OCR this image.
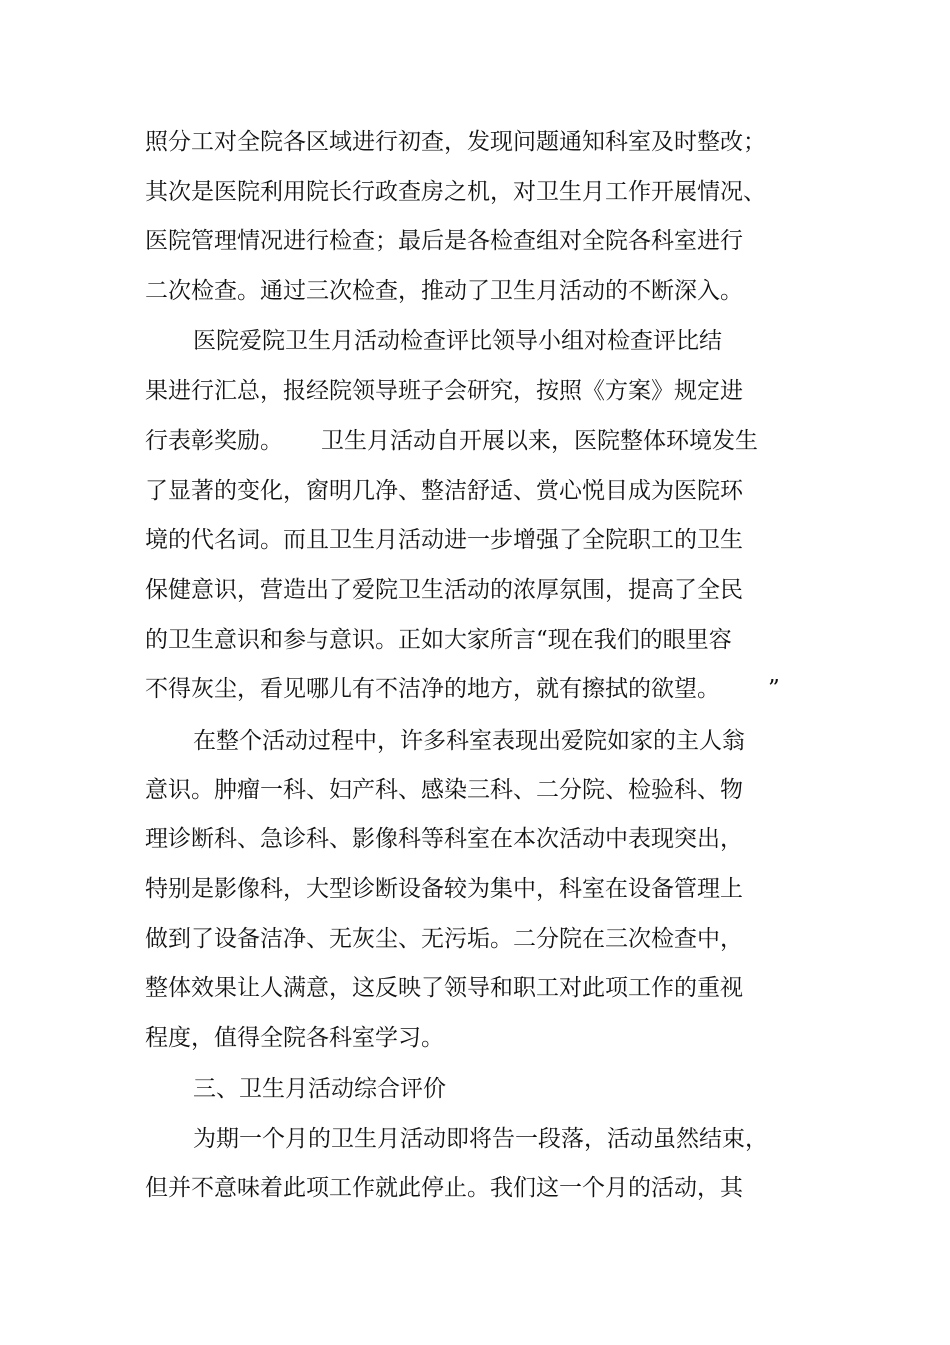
照分工对全院各区域进行初查，发现问题通知科室及时整改；
其次是医院利用院长行政查房之机，对卫生月工作开展情况、
医院管理情况进行检查；最后是各检查组对全院各科室进行
二次检查。通过三次检查，推动了卫生月活动的不断深入。
医院爱院卫生月活动检查评比领导小组对检查评比结
果进行汇总，报经院领导班子会研究，按照《方案》规定进
行表彰奖励。 卫生月活动自开展以来，医院整体环境发生
了显著的变化，窗明几净、整洁舒适、赏心悦目成为医院环
境的代名词。而且卫生月活动进一步增强了全院职工的卫生
保健意识，营造出了爱院卫生活动的浓厚氛围，提高了全民
的卫生意识和参与意识。正如大家所言“现在我们的眼里容
不得灰尘，看见哪儿有不洁净的地方，就有擦拭的欲望。 ”
在整个活动过程中，许多科室表现出爱院如家的主人翁
意识。肿瘤一科、妇产科、感染三科、二分院、检验科、物
理诊断科、急诊科、影像科等科室在本次活动中表现突出，
特别是影像科，大型诊断设备较为集中，科室在设备管理上
做到了设备洁净、无灰尘、无污垢。二分院在三次检查中，
整体效果让人满意，这反映了领导和职工对此项工作的重视
程度，值得全院各科室学习。
三、卫生月活动综合评价
为期一个月的卫生月活动即将告一段落，活动虽然结束，
但并不意味着此项工作就此停止。我们这一个月的活动，其
